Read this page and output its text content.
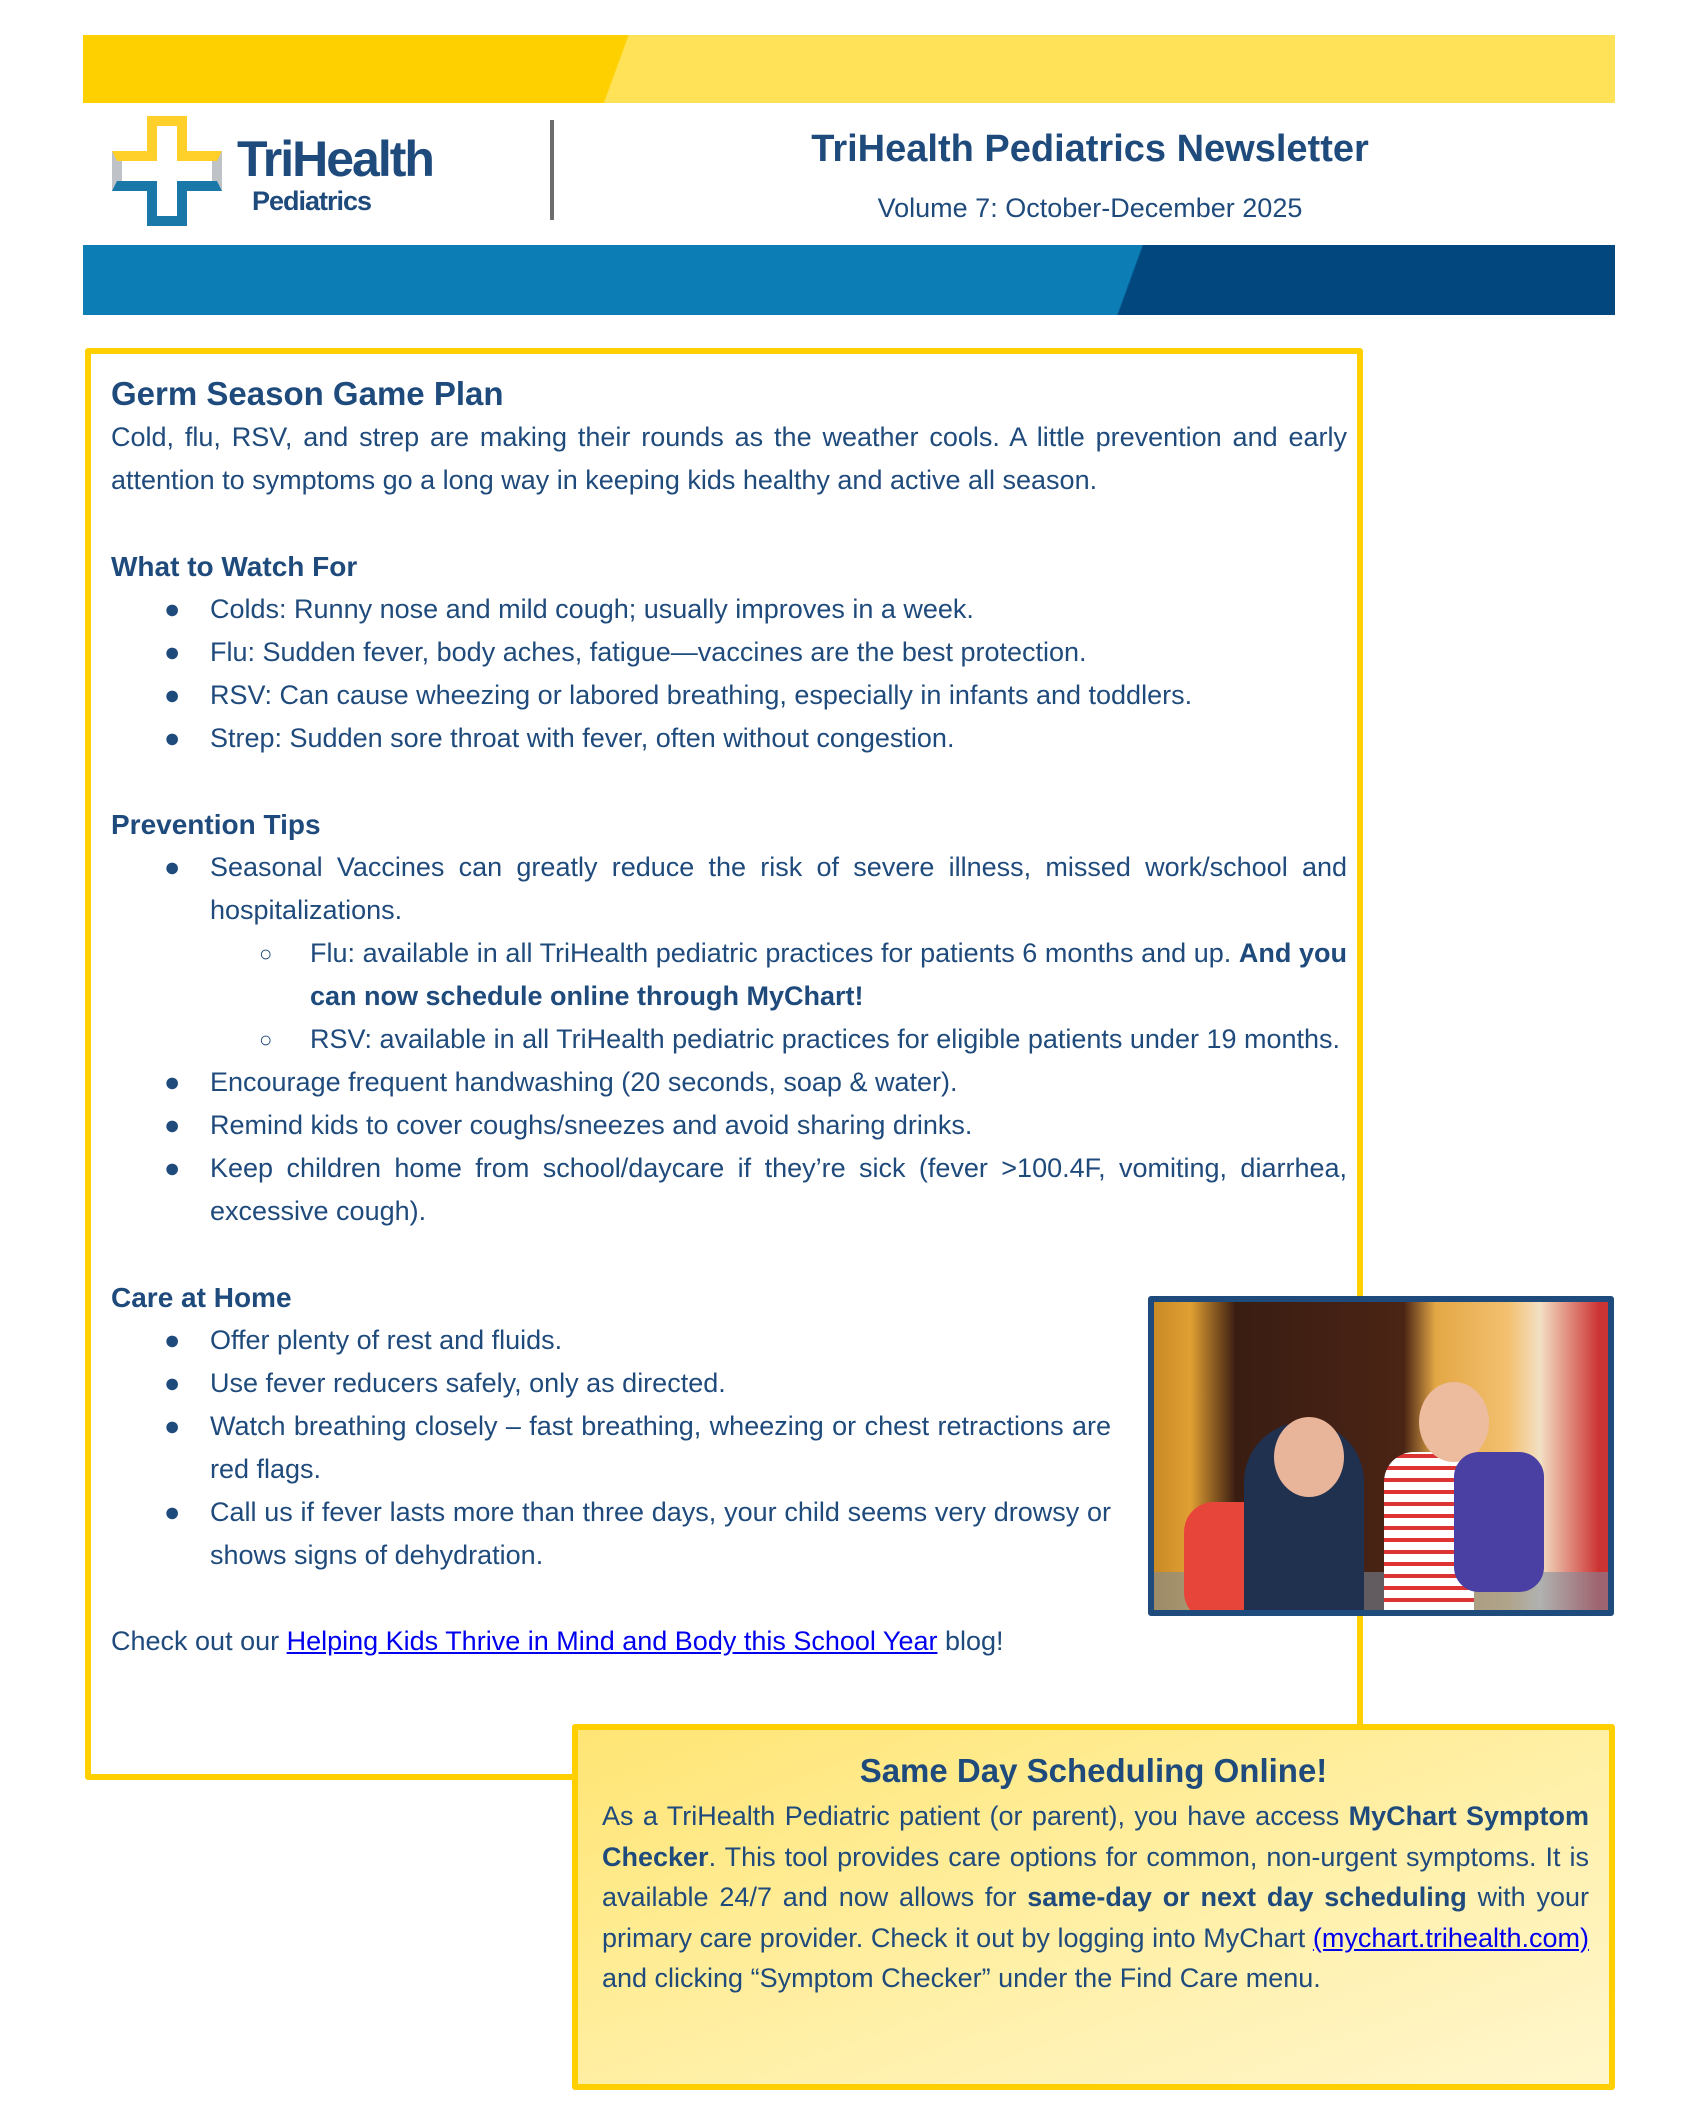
TriHealth
Pediatrics
TriHealth Pediatrics Newsletter
Volume 7: October-December 2025

Germ Season Game Plan

Cold, flu, RSV, and strep are making their rounds as the weather cools. A little prevention and early attention to symptoms go a long way in keeping kids healthy and active all season.

What to Watch For

● Colds: Runny nose and mild cough; usually improves in a week.
● Flu: Sudden fever, body aches, fatigue—vaccines are the best protection.
● RSV: Can cause wheezing or labored breathing, especially in infants and toddlers.
● Strep: Sudden sore throat with fever, often without congestion.

Prevention Tips

● Seasonal Vaccines can greatly reduce the risk of severe illness, missed work/school and hospitalizations.
○ Flu: available in all TriHealth pediatric practices for patients 6 months and up. And you can now schedule online through MyChart!
○ RSV: available in all TriHealth pediatric practices for eligible patients under 19 months.
● Encourage frequent handwashing (20 seconds, soap & water).
● Remind kids to cover coughs/sneezes and avoid sharing drinks.
● Keep children home from school/daycare if they’re sick (fever >100.4F, vomiting, diarrhea, excessive cough).

Care at Home

● Offer plenty of rest and fluids.
● Use fever reducers safely, only as directed.
● Watch breathing closely – fast breathing, wheezing or chest retractions are red flags.
● Call us if fever lasts more than three days, your child seems very drowsy or shows signs of dehydration.

Check out our Helping Kids Thrive in Mind and Body this School Year blog!

Same Day Scheduling Online!
As a TriHealth Pediatric patient (or parent), you have access MyChart Symptom Checker. This tool provides care options for common, non-urgent symptoms. It is available 24/7 and now allows for same-day or next day scheduling with your primary care provider. Check it out by logging into MyChart (mychart.trihealth.com) and clicking “Symptom Checker” under the Find Care menu.
